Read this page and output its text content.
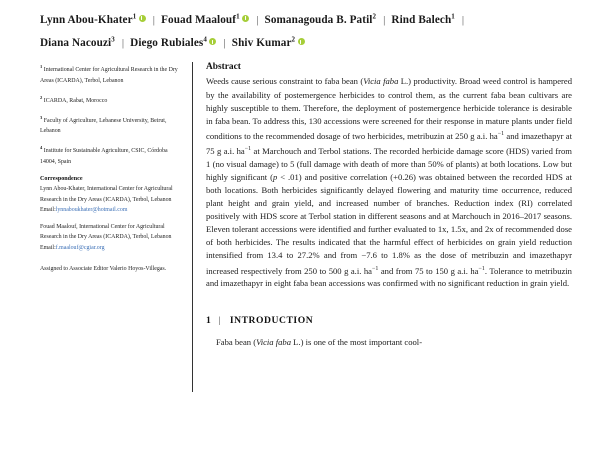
Lynn Abou-Khater$^1$ | Fouad Maalouf$^1$ | Somanagouda B. Patil$^2$ | Rind Balech$^1$ |
Diana Nacouzi$^3$ | Diego Rubiales$^4$ | Shiv Kumar$^2$
$^1$ International Center for Agricultural Research in the Dry Areas (ICARDA), Terbol, Lebanon
$^2$ ICARDA, Rabat, Morocco
$^3$ Faculty of Agriculture, Lebanese University, Beirut, Lebanon
$^4$ Institute for Sustainable Agriculture, CSIC, Córdoba 14004, Spain
Correspondence
Lynn Abou-Khater, International Center for Agricultural Research in the Dry Areas (ICARDA), Terbol, Lebanon Email:lynnaboukhater@hotmail.com
Fouad Maalouf, International Center for Agricultural Research in the Dry Areas (ICARDA), Terbol, Lebanon Email:f.maalouf@cgiar.org
Assigned to Associate Editor Valerio Hoyos-Villegas.
Abstract
Weeds cause serious constraint to faba bean (Vicia faba L.) productivity. Broad weed control is hampered by the availability of postemergence herbicides to control them, as the current faba bean cultivars are highly susceptible to them. Therefore, the deployment of postemergence herbicide tolerance is desirable in faba bean. To address this, 130 accessions were screened for their response in mature plants under field conditions to the recommended dosage of two herbicides, metribuzin at 250 g a.i. $ha^{-1}$ and imazethapyr at 75 g a.i. $ha^{-1}$ at Marchouch and Terbol stations. The recorded herbicide damage score (HDS) varied from 1 (no visual damage) to 5 (full damage with death of more than 50% of plants) at both locations. Low but highly significant (p < .01) and positive correlation (+0.26) was obtained between the recorded HDS at both locations. Both herbicides significantly delayed flowering and maturity time occurrence, reduced plant height and grain yield, and increased number of branches. Reduction index (RI) correlated positively with HDS score at Terbol station in different seasons and at Marchouch in 2016–2017 seasons. Eleven tolerant accessions were identified and further evaluated to 1x, 1.5x, and 2x of recommended dose of both herbicides. The results indicated that the harmful effect of herbicides on grain yield reduction intensified from 13.4 to 27.2% and from −7.6 to 1.8% as the dose of metribuzin and imazethapyr increased respectively from 250 to 500 g a.i. $ha^{-1}$ and from 75 to 150 g a.i. $ha^{-1}$. Tolerance to metribuzin and imazethapyr in eight faba bean accessions was confirmed with no significant reduction in grain yield.
1 | INTRODUCTION
Faba bean (Vicia faba L.) is one of the most important cool-
